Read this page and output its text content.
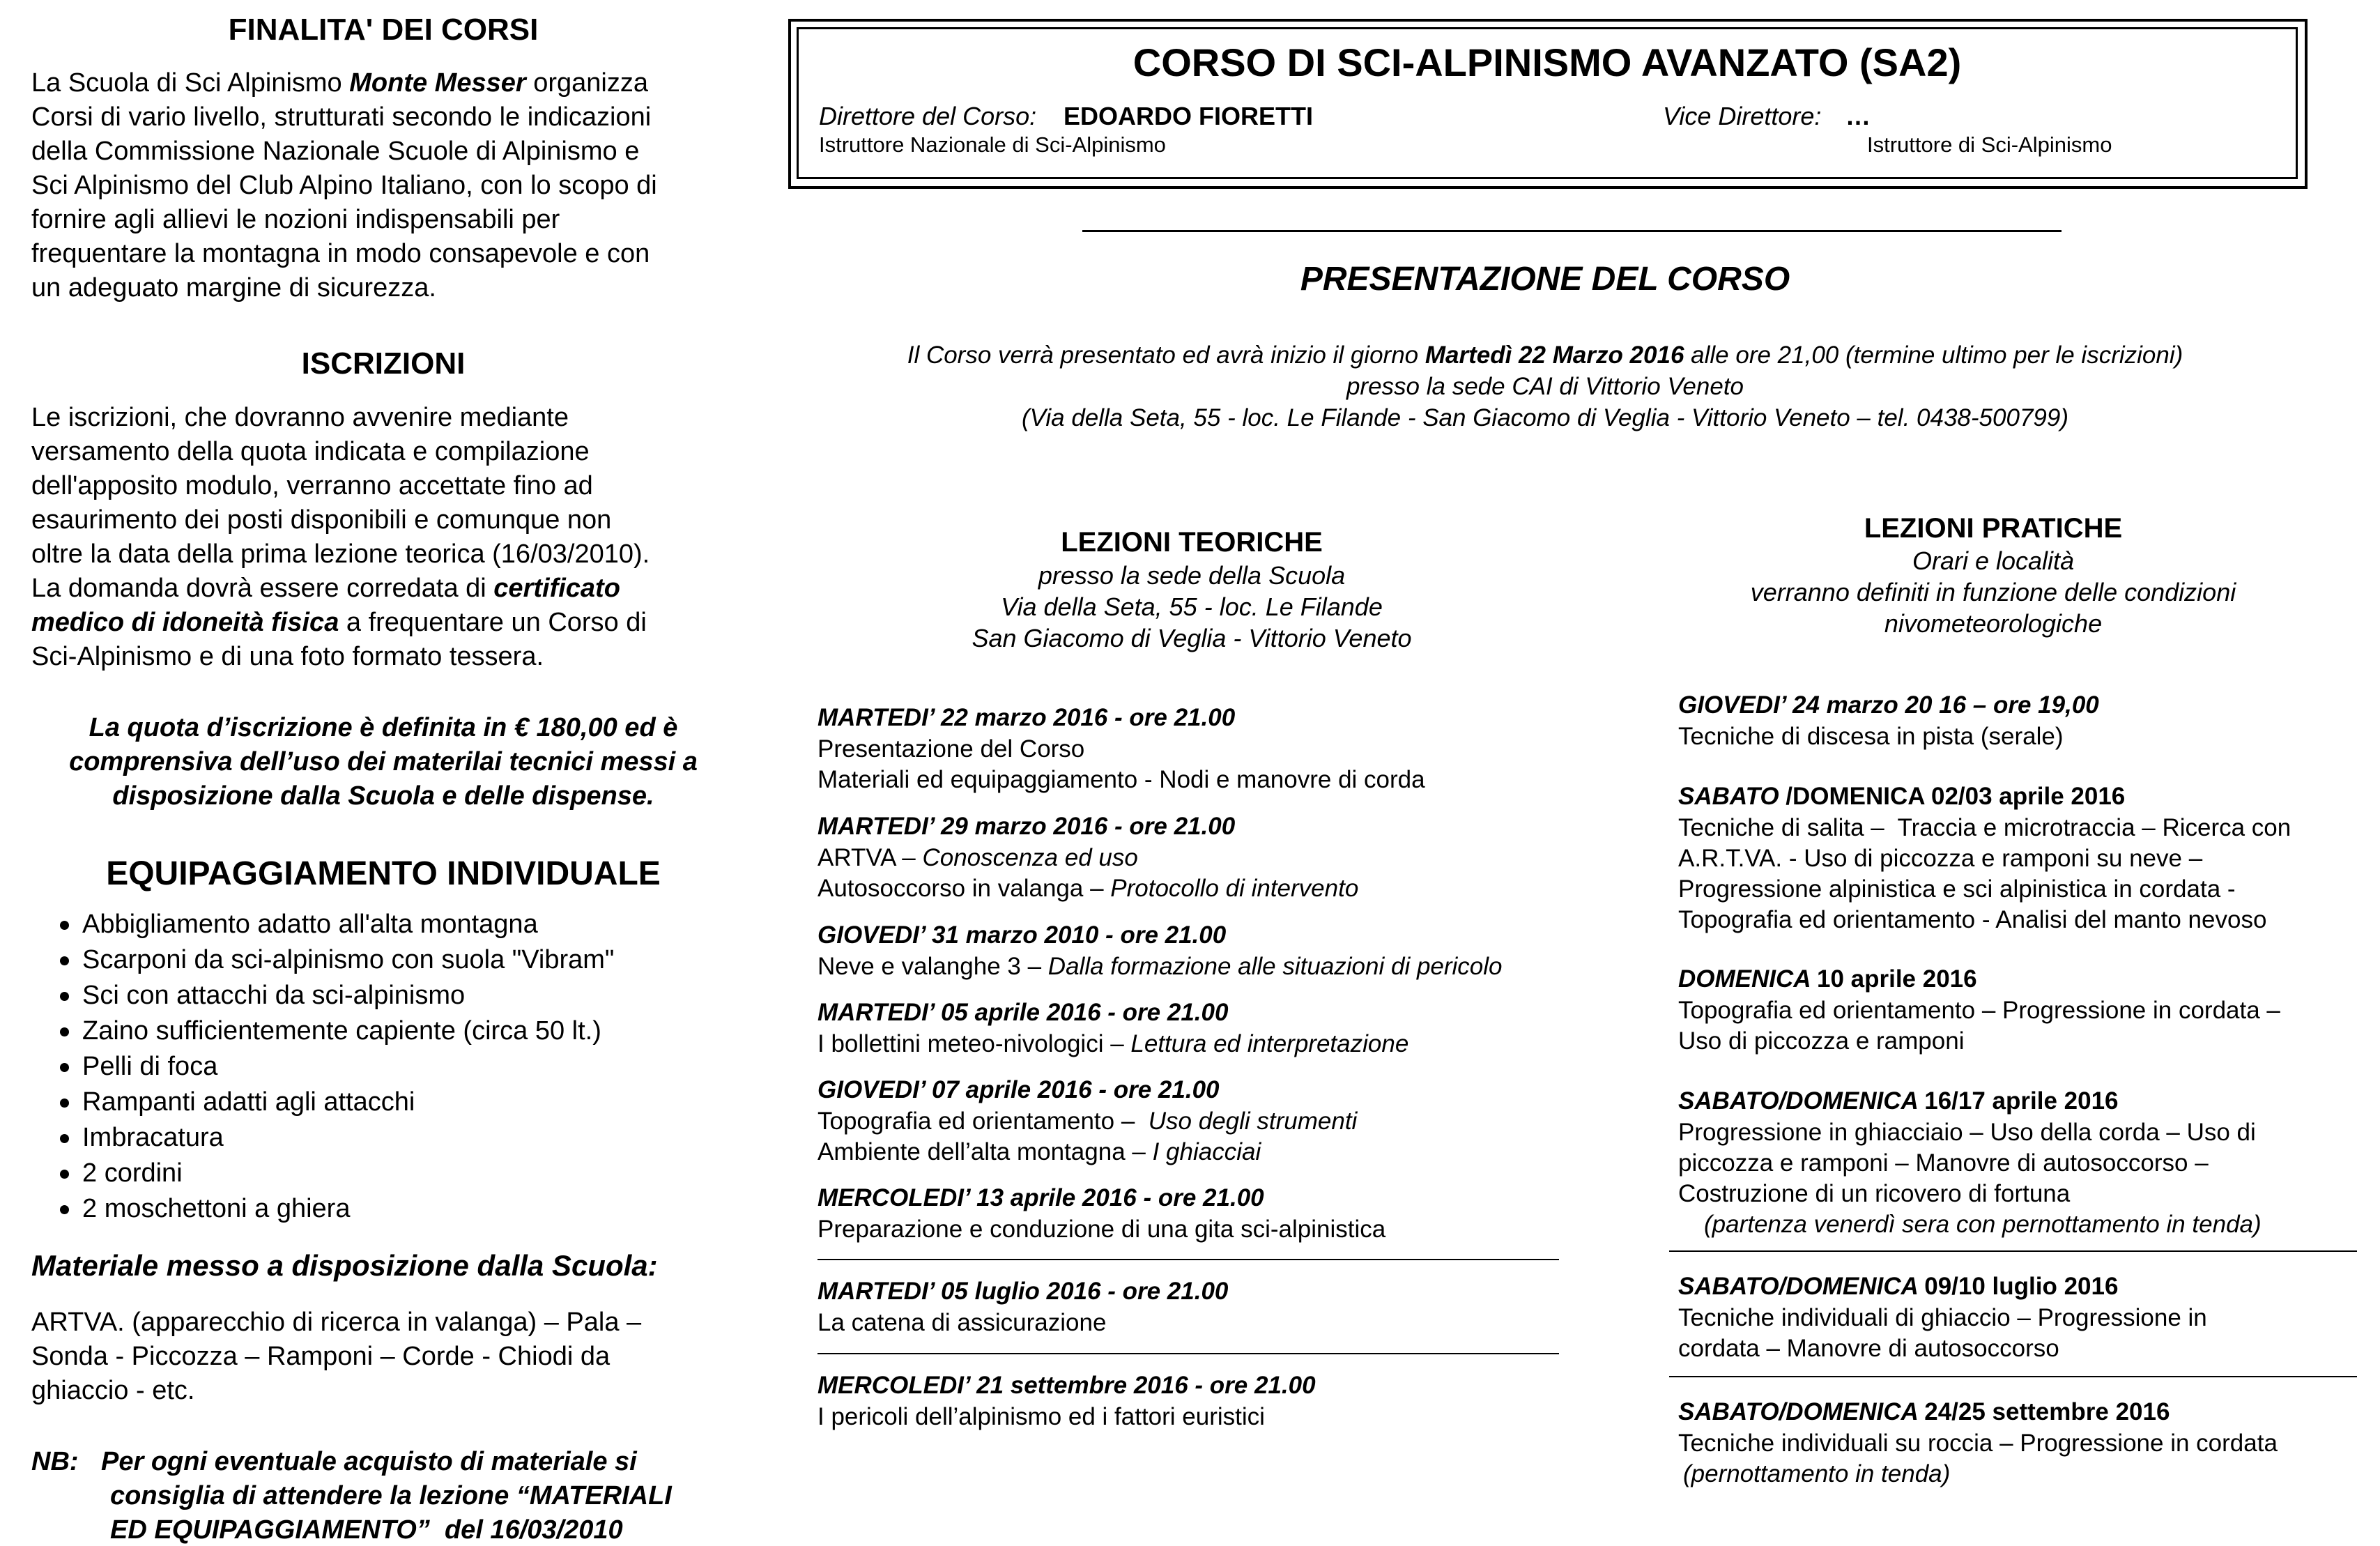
FINALITA' DEI CORSI
La Scuola di Sci Alpinismo Monte Messer organizza
Corsi di vario livello, strutturati secondo le indicazioni
della Commissione Nazionale Scuole di Alpinismo e
Sci Alpinismo del Club Alpino Italiano, con lo scopo di
fornire agli allievi le nozioni indispensabili per
frequentare la montagna in modo consapevole e con
un adeguato margine di sicurezza.
ISCRIZIONI
Le iscrizioni, che dovranno avvenire mediante
versamento della quota indicata e compilazione
dell'apposito modulo, verranno accettate fino ad
esaurimento dei posti disponibili e comunque non
oltre la data della prima lezione teorica (16/03/2010).
La domanda dovrà essere corredata di certificato
medico di idoneità fisica a frequentare un Corso di
Sci-Alpinismo e di una foto formato tessera.
La quota d’iscrizione è definita in € 180,00 ed è
comprensiva dell’uso dei materilai tecnici messi a
disposizione dalla Scuola e delle dispense.
EQUIPAGGIAMENTO INDIVIDUALE
Abbigliamento adatto all'alta montagna
Scarponi da sci-alpinismo con suola "Vibram"
Sci con attacchi da sci-alpinismo
Zaino sufficientemente capiente (circa 50 lt.)
Pelli di foca
Rampanti adatti agli attacchi
Imbracatura
2 cordini
2 moschettoni a ghiera
Materiale messo a disposizione dalla Scuola:
ARTVA. (apparecchio di ricerca in valanga) – Pala –
Sonda - Piccozza – Ramponi – Corde - Chiodi da
ghiaccio - etc.
NB: Per ogni eventuale acquisto di materiale si
consiglia di attendere la lezione “MATERIALI
ED EQUIPAGGIAMENTO”  del 16/03/2010
CORSO DI SCI-ALPINISMO AVANZATO (SA2)
Direttore del Corso: EDOARDO FIORETTI
Istruttore Nazionale di Sci-Alpinismo
Vice Direttore: …
Istruttore di Sci-Alpinismo
PRESENTAZIONE DEL CORSO
Il Corso verrà presentato ed avrà inizio il giorno Martedì 22 Marzo 2016 alle ore 21,00 (termine ultimo per le iscrizioni)
presso la sede CAI di Vittorio Veneto
(Via della Seta, 55 - loc. Le Filande - San Giacomo di Veglia - Vittorio Veneto – tel. 0438-500799)
LEZIONI TEORICHE
presso la sede della Scuola
Via della Seta, 55 - loc. Le Filande
San Giacomo di Veglia - Vittorio Veneto
MARTEDI’ 22 marzo 2016 - ore 21.00
Presentazione del Corso
Materiali ed equipaggiamento - Nodi e manovre di corda
MARTEDI’ 29 marzo 2016 - ore 21.00
ARTVA – Conoscenza ed uso
Autosoccorso in valanga – Protocollo di intervento
GIOVEDI’ 31 marzo 2010 - ore 21.00
Neve e valanghe 3 – Dalla formazione alle situazioni di pericolo
MARTEDI’ 05 aprile 2016 - ore 21.00
I bollettini meteo-nivologici – Lettura ed interpretazione
GIOVEDI’ 07 aprile 2016 - ore 21.00
Topografia ed orientamento –  Uso degli strumenti
Ambiente dell’alta montagna – I ghiacciai
MERCOLEDI’ 13 aprile 2016 - ore 21.00
Preparazione e conduzione di una gita sci-alpinistica
MARTEDI’ 05 luglio 2016 - ore 21.00
La catena di assicurazione
MERCOLEDI’ 21 settembre 2016 - ore 21.00
I pericoli dell’alpinismo ed i fattori euristici
LEZIONI PRATICHE
Orari e località
verranno definiti in funzione delle condizioni
nivometeorologiche
GIOVEDI’ 24 marzo 20 16 – ore 19,00
Tecniche di discesa in pista (serale)
SABATO /DOMENICA 02/03 aprile 2016
Tecniche di salita –  Traccia e microtraccia – Ricerca con
A.R.T.VA. - Uso di piccozza e ramponi su neve –
Progressione alpinistica e sci alpinistica in cordata -
Topografia ed orientamento - Analisi del manto nevoso
DOMENICA 10 aprile 2016
Topografia ed orientamento – Progressione in cordata –
Uso di piccozza e ramponi
SABATO/DOMENICA 16/17 aprile 2016
Progressione in ghiacciaio – Uso della corda – Uso di
piccozza e ramponi – Manovre di autosoccorso –
Costruzione di un ricovero di fortuna
(partenza venerdì sera con pernottamento in tenda)
SABATO/DOMENICA 09/10 luglio 2016
Tecniche individuali di ghiaccio – Progressione in
cordata – Manovre di autosoccorso
SABATO/DOMENICA 24/25 settembre 2016
Tecniche individuali su roccia – Progressione in cordata
(pernottamento in tenda)
